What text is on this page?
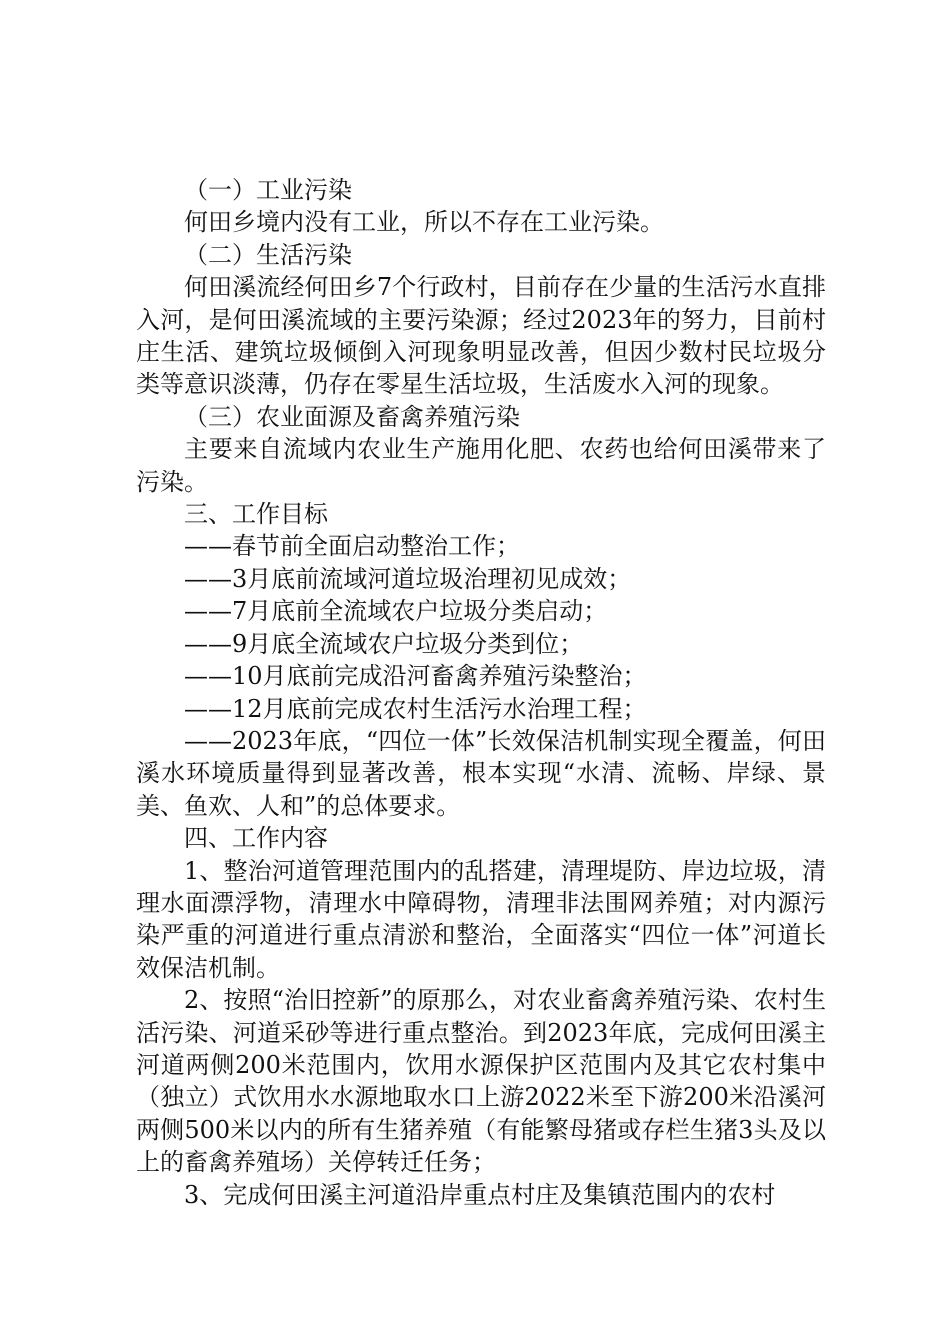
（一）工业污染

何田乡境内没有工业，所以不存在工业污染。

（二）生活污染

何田溪流经何田乡7个行政村，目前存在少量的生活污水直排入河，是何田溪流域的主要污染源；经过2023年的努力，目前村庄生活、建筑垃圾倾倒入河现象明显改善，但因少数村民垃圾分类等意识淡薄，仍存在零星生活垃圾，生活废水入河的现象。

（三）农业面源及畜禽养殖污染

主要来自流域内农业生产施用化肥、农药也给何田溪带来了污染。

三、工作目标

——春节前全面启动整治工作；

——3月底前流域河道垃圾治理初见成效；

——7月底前全流域农户垃圾分类启动；

——9月底全流域农户垃圾分类到位；

——10月底前完成沿河畜禽养殖污染整治；

——12月底前完成农村生活污水治理工程；

——2023年底，“四位一体”长效保洁机制实现全覆盖，何田溪水环境质量得到显著改善，根本实现“水清、流畅、岸绿、景美、鱼欢、人和”的总体要求。

四、工作内容

1、整治河道管理范围内的乱搭建，清理堤防、岸边垃圾，清理水面漂浮物，清理水中障碍物，清理非法围网养殖；对内源污染严重的河道进行重点清淤和整治，全面落实“四位一体”河道长效保洁机制。

2、按照“治旧控新”的原那么，对农业畜禽养殖污染、农村生活污染、河道采砂等进行重点整治。到2023年底，完成何田溪主河道两侧200米范围内，饮用水源保护区范围内及其它农村集中（独立）式饮用水水源地取水口上游2022米至下游200米沿溪河两侧500米以内的所有生猪养殖（有能繁母猪或存栏生猪3头及以上的畜禽养殖场）关停转迁任务；

3、完成何田溪主河道沿岸重点村庄及集镇范围内的农村
